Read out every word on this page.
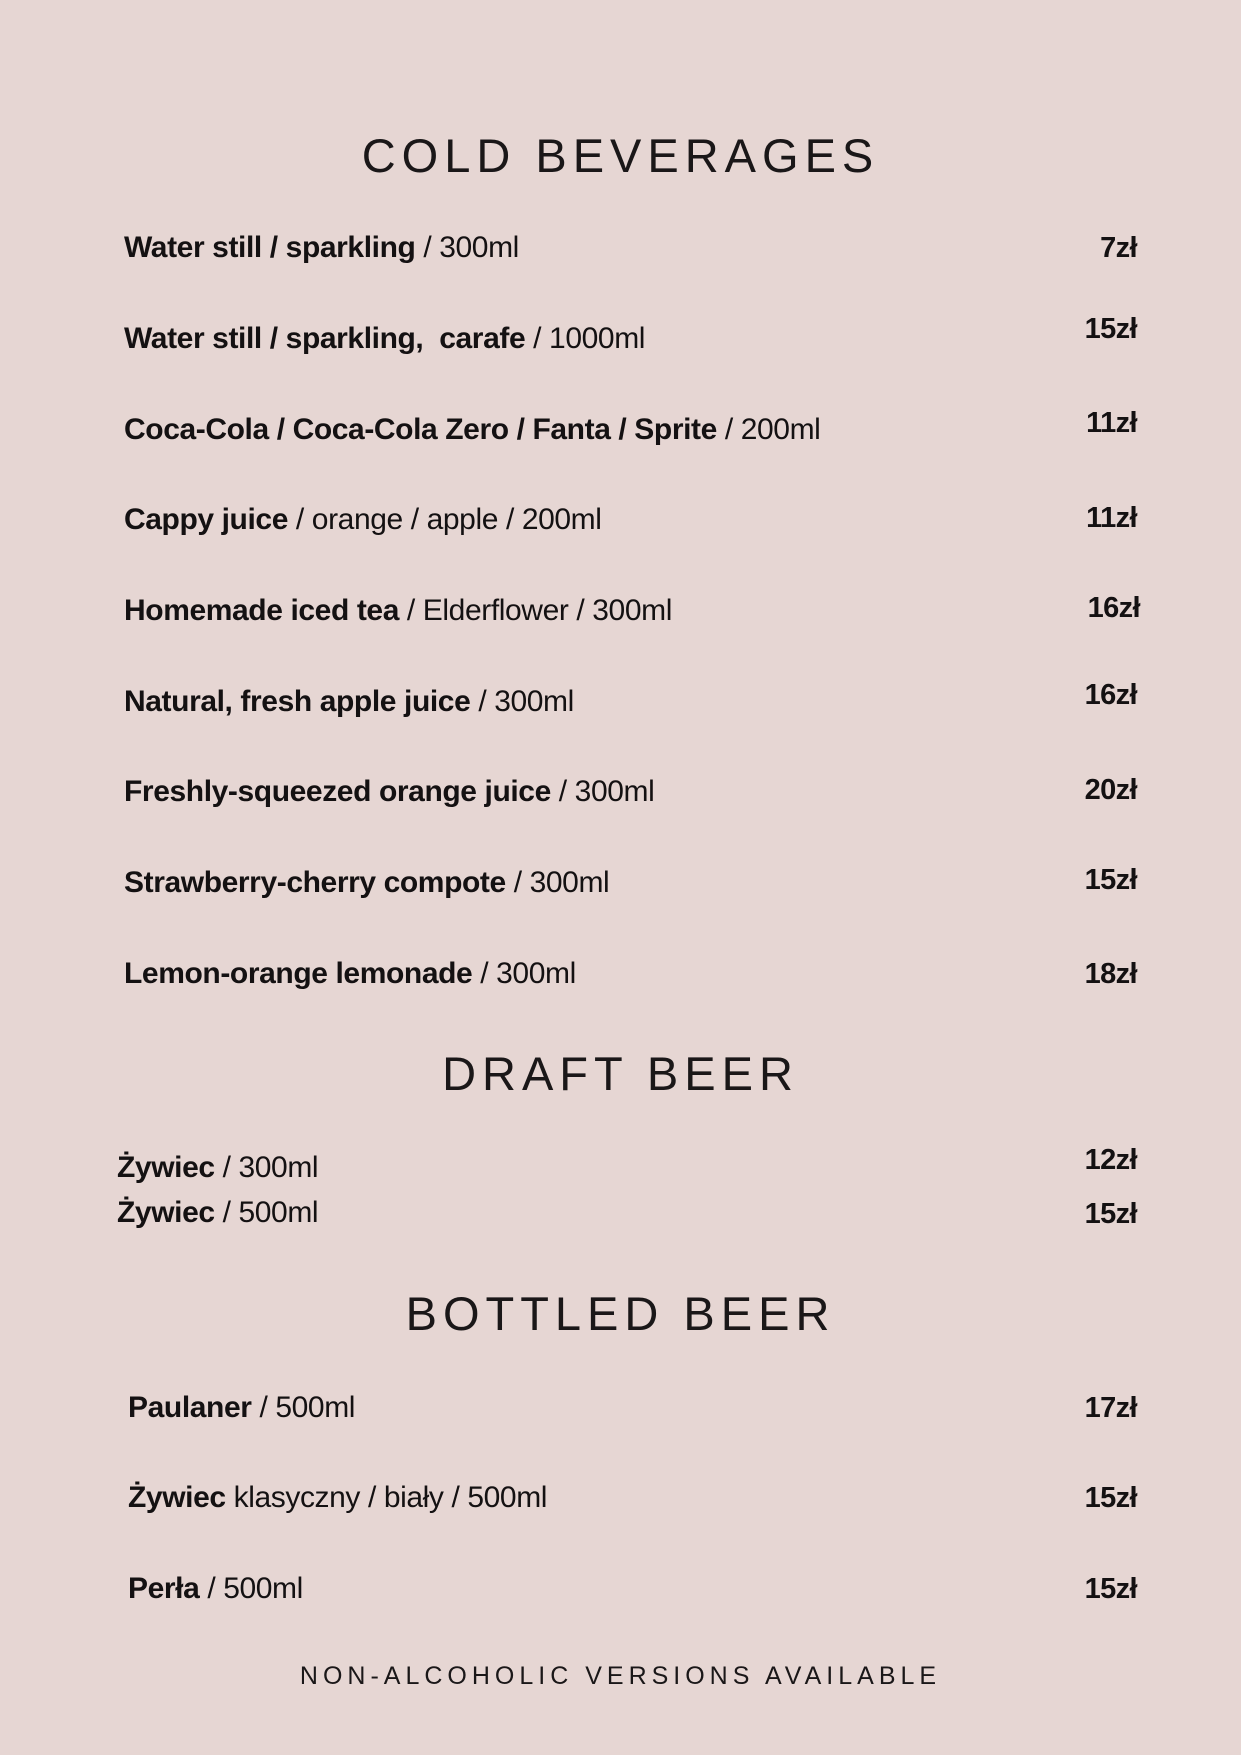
COLD BEVERAGES
Water still / sparkling / 300ml	7zł
Water still / sparkling,  carafe / 1000ml	15zł
Coca-Cola / Coca-Cola Zero / Fanta / Sprite / 200ml	11zł
Cappy juice / orange / apple / 200ml	11zł
Homemade iced tea / Elderflower / 300ml	16zł
Natural, fresh apple juice / 300ml	16zł
Freshly-squeezed orange juice / 300ml	20zł
Strawberry-cherry compote / 300ml	15zł
Lemon-orange lemonade / 300ml	18zł
DRAFT BEER
Żywiec / 300ml	12zł
Żywiec / 500ml	15zł
BOTTLED BEER
Paulaner / 500ml	17zł
Żywiec klasyczny / biały / 500ml	15zł
Perła / 500ml	15zł
NON-ALCOHOLIC VERSIONS AVAILABLE
